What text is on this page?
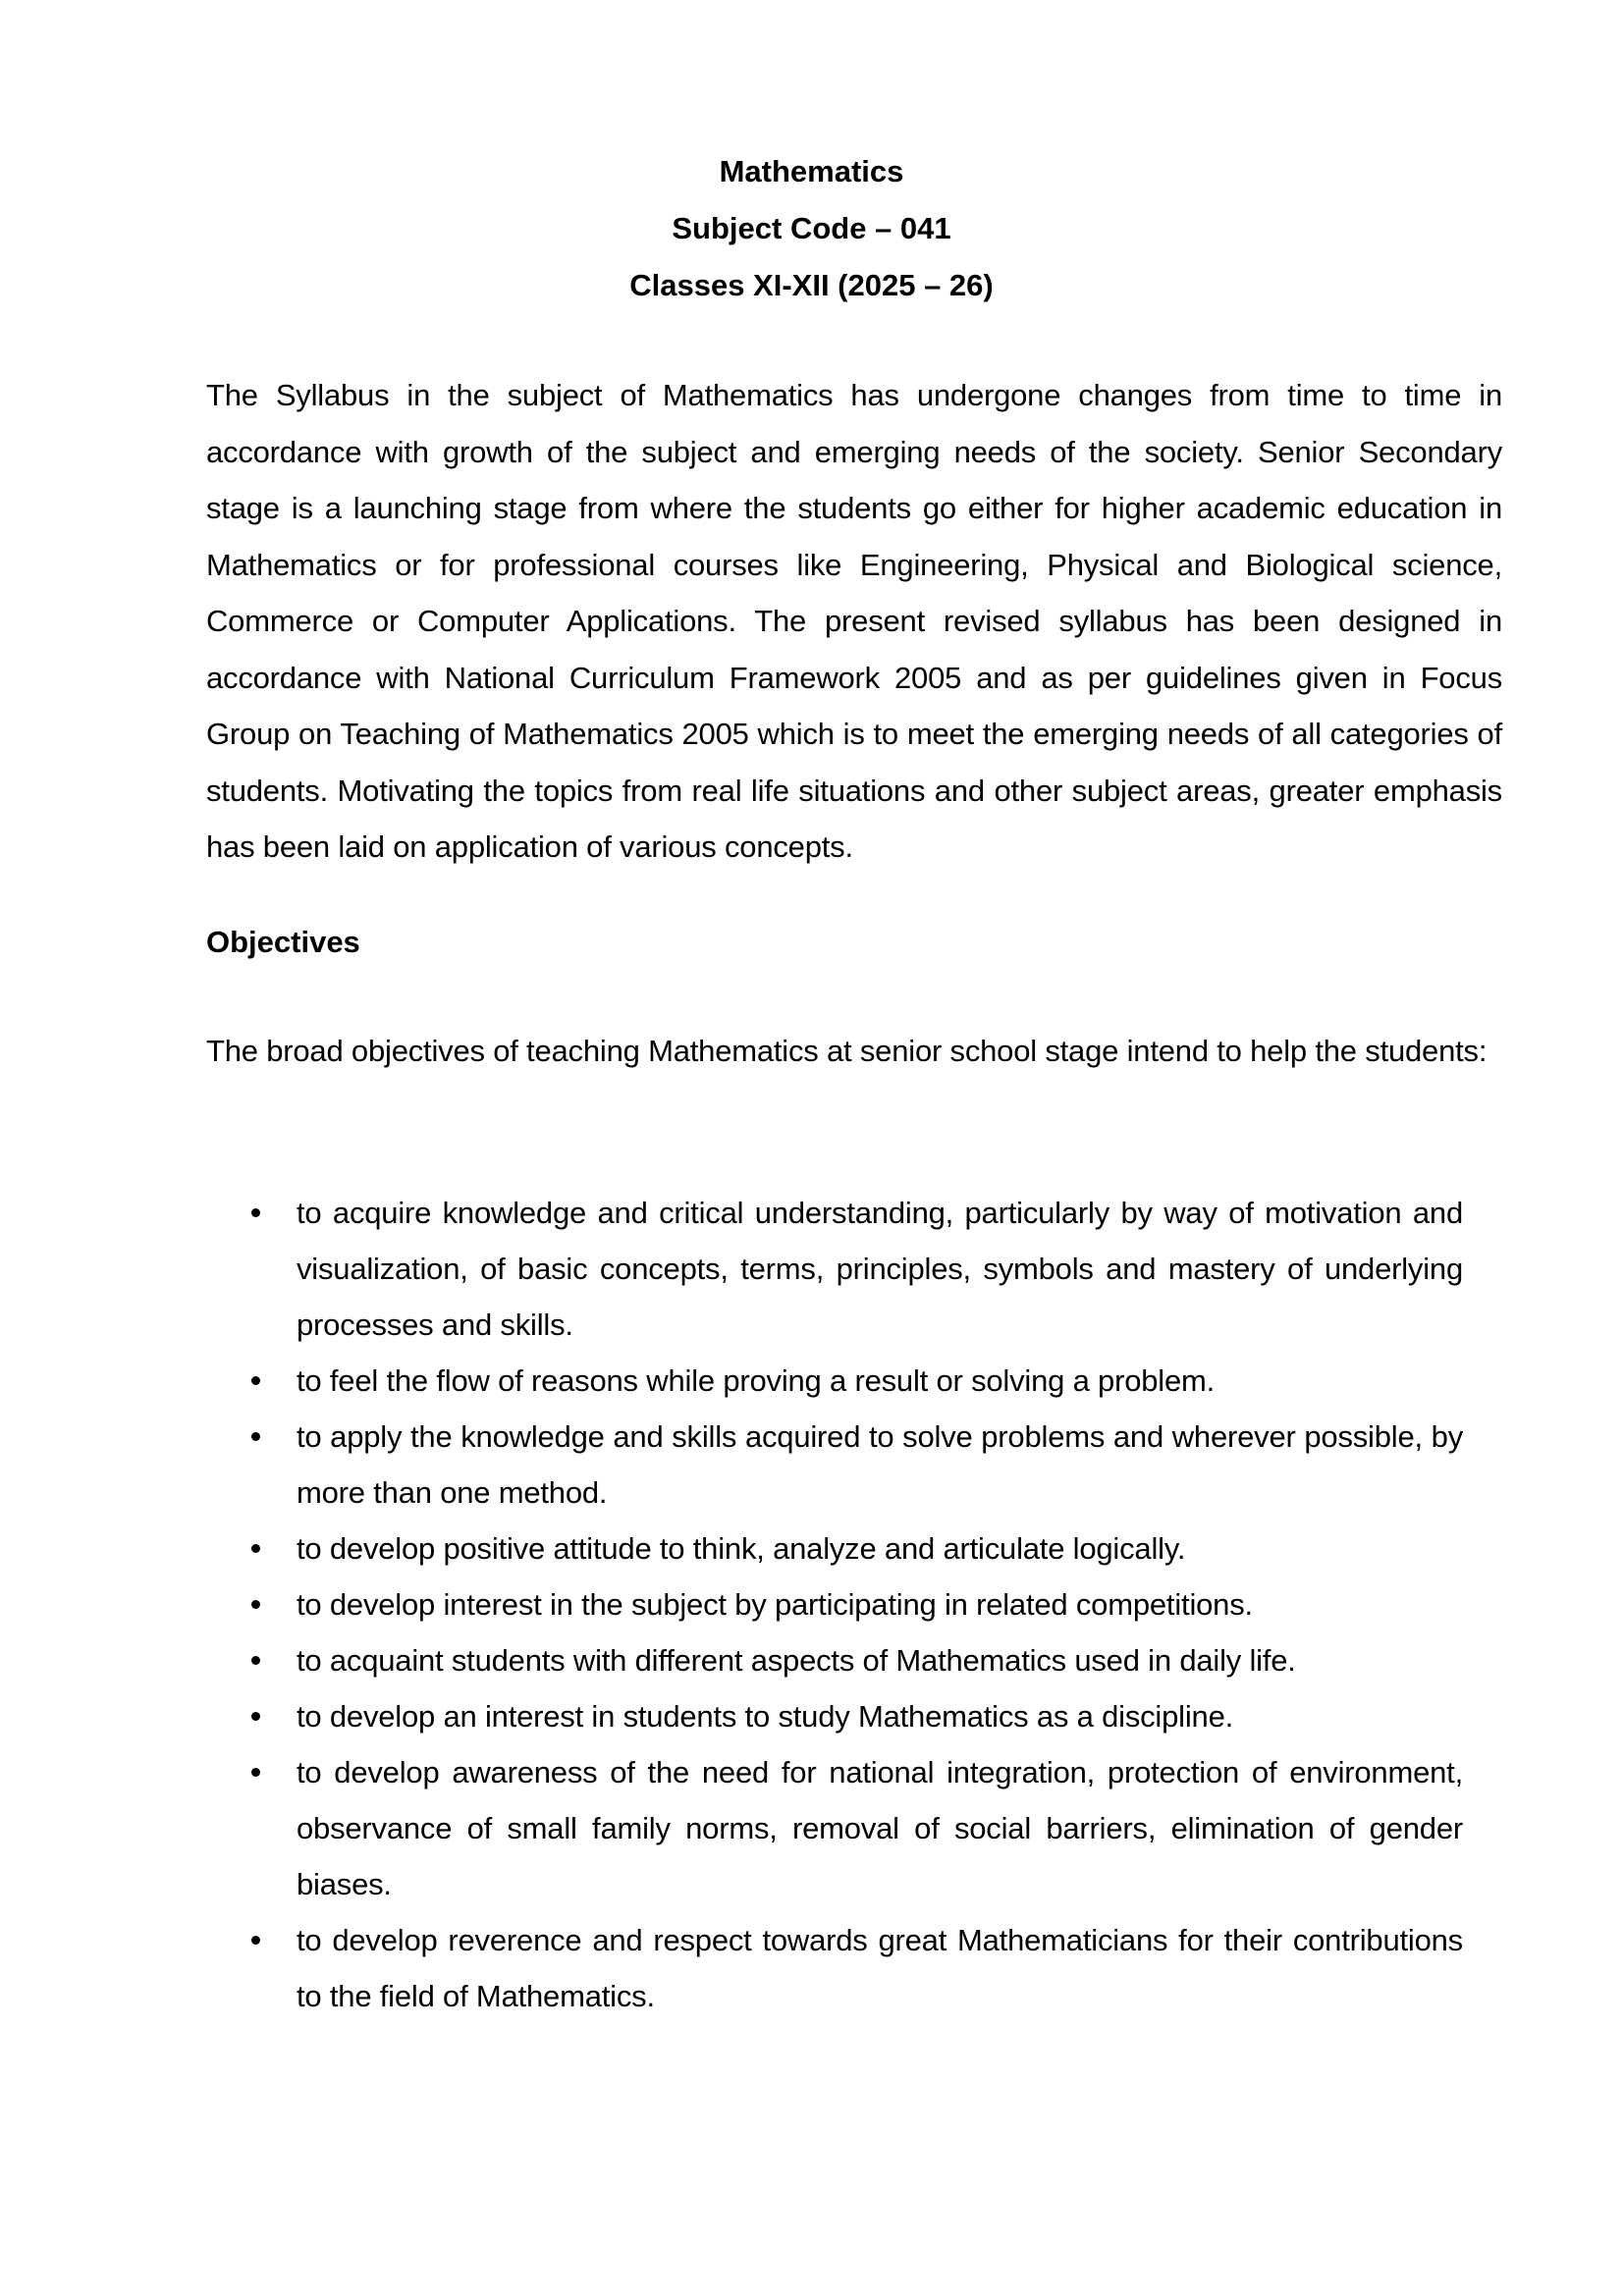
Mathematics
Subject Code – 041
Classes XI-XII (2025 – 26)

The Syllabus in the subject of Mathematics has undergone changes from time to time in accordance with growth of the subject and emerging needs of the society. Senior Secondary stage is a launching stage from where the students go either for higher academic education in Mathematics or for professional courses like Engineering, Physical and Biological science, Commerce or Computer Applications. The present revised syllabus has been designed in accordance with National Curriculum Framework 2005 and as per guidelines given in Focus Group on Teaching of Mathematics 2005 which is to meet the emerging needs of all categories of students. Motivating the topics from real life situations and other subject areas, greater emphasis has been laid on application of various concepts.

Objectives

The broad objectives of teaching Mathematics at senior school stage intend to help the students:

to acquire knowledge and critical understanding, particularly by way of motivation and visualization, of basic concepts, terms, principles, symbols and mastery of underlying processes and skills.
to feel the flow of reasons while proving a result or solving a problem.
to apply the knowledge and skills acquired to solve problems and wherever possible, by more than one method.
to develop positive attitude to think, analyze and articulate logically.
to develop interest in the subject by participating in related competitions.
to acquaint students with different aspects of Mathematics used in daily life.
to develop an interest in students to study Mathematics as a discipline.
to develop awareness of the need for national integration, protection of environment, observance of small family norms, removal of social barriers, elimination of gender biases.
to develop reverence and respect towards great Mathematicians for their contributions to the field of Mathematics.
